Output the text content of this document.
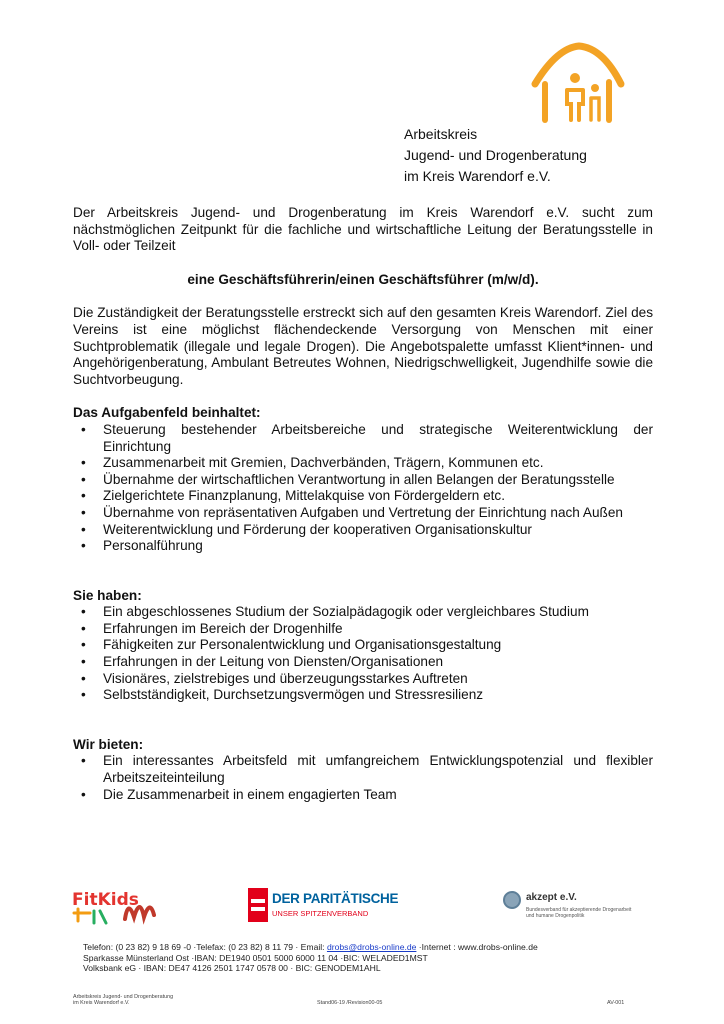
Arbeitskreis
Jugend- und Drogenberatung
im Kreis Warendorf e.V.

Der Arbeitskreis Jugend- und Drogenberatung im Kreis Warendorf e.V. sucht zum nächstmöglichen Zeitpunkt für die fachliche und wirtschaftliche Leitung der Beratungsstelle in Voll- oder Teilzeit

eine Geschäftsführerin/einen Geschäftsführer (m/w/d).

Die Zuständigkeit der Beratungsstelle erstreckt sich auf den gesamten Kreis Warendorf. Ziel des Vereins ist eine möglichst flächendeckende Versorgung von Menschen mit einer Suchtproblematik (illegale und legale Drogen). Die Angebotspalette umfasst Klient*innen- und Angehörigenberatung, Ambulant Betreutes Wohnen, Niedrigschwelligkeit, Jugendhilfe sowie die Suchtvorbeugung.

Das Aufgabenfeld beinhaltet:
• Steuerung bestehender Arbeitsbereiche und strategische Weiterentwicklung der Einrichtung
• Zusammenarbeit mit Gremien, Dachverbänden, Trägern, Kommunen etc.
• Übernahme der wirtschaftlichen Verantwortung in allen Belangen der Beratungsstelle
• Zielgerichtete Finanzplanung, Mittelakquise von Fördergeldern etc.
• Übernahme von repräsentativen Aufgaben und Vertretung der Einrichtung nach Außen
• Weiterentwicklung und Förderung der kooperativen Organisationskultur
• Personalführung
Sie haben:
• Ein abgeschlossenes Studium der Sozialpädagogik oder vergleichbares Studium
• Erfahrungen im Bereich der Drogenhilfe
• Fähigkeiten zur Personalentwicklung und Organisationsgestaltung
• Erfahrungen in der Leitung von Diensten/Organisationen
• Visionäres, zielstrebiges und überzeugungsstarkes Auftreten
• Selbstständigkeit, Durchsetzungsvermögen und Stressresilienz
Wir bieten:
• Ein interessantes Arbeitsfeld mit umfangreichem Entwicklungspotenzial und flexibler Arbeitszeiteinteilung
• Die Zusammenarbeit in einem engagierten Team
FitKids	DER PARITÄTISCHE
UNSER SPITZENVERBAND
akzept e.V.
Bundesverband für akzeptierende Drogenarbeit
und humane Drogenpolitik
Telefon: (0 23 82) 9 18 69 -0 ·Telefax: (0 23 82) 8 11 79 · Email: drobs@drobs-online.de ·Internet : www.drobs-online.de
Sparkasse Münsterland Ost ·IBAN: DE1940 0501 5000 6000 11 04 ·BIC: WELADED1MST
Volksbank eG · IBAN: DE47 4126 2501 1747 0578 00 · BIC: GENODEM1AHL
Arbeitskreis Jugend- und Drogenberatung
im Kreis Warendorf e.V.	Stand06-19 /Revision00-05	AV-001
